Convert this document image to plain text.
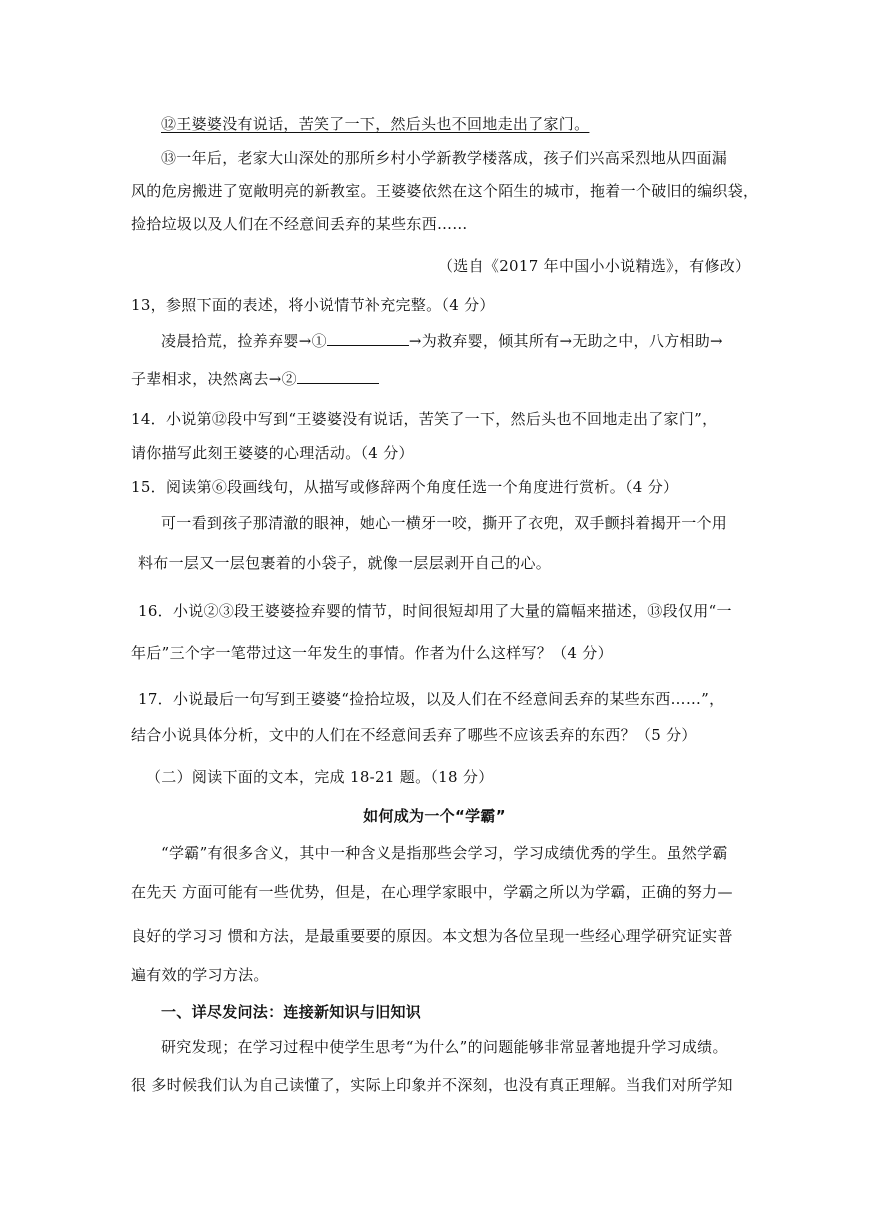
⑫王婆婆没有说话，苦笑了一下，然后头也不回地走出了家门。
⑬一年后，老家大山深处的那所乡村小学新教学楼落成，孩子们兴高采烈地从四面漏
风的危房搬进了宽敞明亮的新教室。王婆婆依然在这个陌生的城市，拖着一个破旧的编织袋，
捡拾垃圾以及人们在不经意间丢弃的某些东西……
（选自《2017 年中国小小说精选》，有修改）
13，参照下面的表述，将小说情节补充完整。（4 分）
凌晨拾荒，捡养弃婴→①	→为救弃婴，倾其所有→无助之中，八方相助→
子辈相求，决然离去→②
14．小说第⑫段中写到“王婆婆没有说话，苦笑了一下，然后头也不回地走出了家门”，
请你描写此刻王婆婆的心理活动。（4 分）
15．阅读第⑥段画线句，从描写或修辞两个角度任选一个角度进行赏析。（4 分）
可一看到孩子那清澈的眼神，她心一横牙一咬，撕开了衣兜，双手颤抖着揭开一个用
料布一层又一层包裹着的小袋子，就像一层层剥开自己的心。
16．小说②③段王婆婆捡弃婴的情节，时间很短却用了大量的篇幅来描述，⑬段仅用“一
年后”三个字一笔带过这一年发生的事情。作者为什么这样写？（4 分）
17．小说最后一句写到王婆婆“捡拾垃圾，以及人们在不经意间丢弃的某些东西……”，
结合小说具体分析，文中的人们在不经意间丢弃了哪些不应该丢弃的东西？（5 分）
（二）阅读下面的文本，完成 18-21 题。（18 分）
如何成为一个“学霸”
“学霸”有很多含义，其中一种含义是指那些会学习，学习成绩优秀的学生。虽然学霸
在先天 方面可能有一些优势，但是，在心理学家眼中，学霸之所以为学霸，正确的努力—
良好的学习习 惯和方法，是最重要要的原因。本文想为各位呈现一些经心理学研究证实普
遍有效的学习方法。
一、详尽发问法：连接新知识与旧知识
研究发现；在学习过程中使学生思考“为什么”的问题能够非常显著地提升学习成绩。
很 多时候我们认为自己读懂了，实际上印象并不深刻，也没有真正理解。当我们对所学知
